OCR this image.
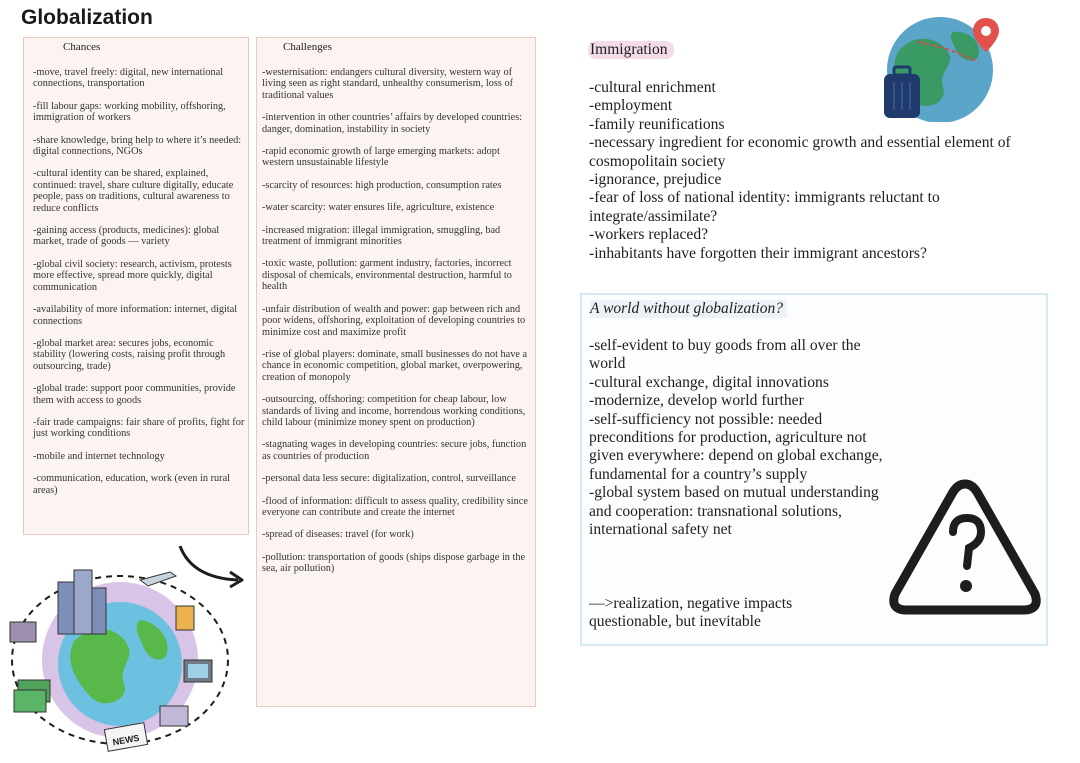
Globalization
Chances

-move, travel freely: digital, new international connections, transportation

-fill labour gaps: working mobility, offshoring, immigration of workers

-share knowledge, bring help to where it’s needed: digital connections, NGOs

-cultural identity can be shared, explained, continued: travel, share culture digitally, educate people, pass on traditions, cultural awareness to reduce conflicts

-gaining access (products, medicines): global market, trade of goods — variety

-global civil society: research, activism, protests more effective, spread more quickly, digital communication

-availability of more information: internet, digital connections

-global market area: secures jobs, economic stability (lowering costs, raising profit through outsourcing, trade)

-global trade: support poor communities, provide them with access to goods

-fair trade campaigns: fair share of profits, fight for just working conditions

-mobile and internet technology

-communication, education, work (even in rural areas)

Challenges

-westernisation: endangers cultural diversity, western way of living seen as right standard, unhealthy consumerism, loss of traditional values

-intervention in other countries’ affairs by developed countries: danger, domination, instability in society

-rapid economic growth of large emerging markets: adopt western unsustainable lifestyle

-scarcity of resources: high production, consumption rates

-water scarcity: water ensures life, agriculture, existence

-increased migration: illegal immigration, smuggling, bad treatment of immigrant minorities

-toxic waste, pollution: garment industry, factories, incorrect disposal of chemicals, environmental destruction, harmful to health

-unfair distribution of wealth and power: gap between rich and poor widens, offshoring, exploitation of developing countries to minimize cost and maximize profit

-rise of global players: dominate, small businesses do not have a chance in economic competition, global market, overpowering, creation of monopoly

-outsourcing, offshoring: competition for cheap labour, low standards of living and income, horrendous working conditions, child labour (minimize money spent on production)

-stagnating wages in developing countries: secure jobs, function as countries of production

-personal data less secure: digitalization, control, surveillance

-flood of information: difficult to assess quality, credibility since everyone can contribute and create the internet

-spread of diseases: travel (for work)

-pollution: transportation of goods (ships dispose garbage in the sea, air pollution)

Immigration

-cultural enrichment

-employment

-family reunifications

-necessary ingredient for economic growth and essential element of cosmopolitain society

-ignorance, prejudice

-fear of loss of national identity: immigrants reluctant to integrate/assimilate?

-workers replaced?

-inhabitants have forgotten their immigrant ancestors?

A world without globalization?

-self-evident to buy goods from all over the world

-cultural exchange, digital innovations

-modernize, develop world further

-self-sufficiency not possible: needed preconditions for production, agriculture not given everywhere: depend on global exchange, fundamental for a country’s supply

-global system based on mutual understanding and cooperation: transnational solutions, international safety net

—>realization, negative impacts questionable, but inevitable
NEWS
